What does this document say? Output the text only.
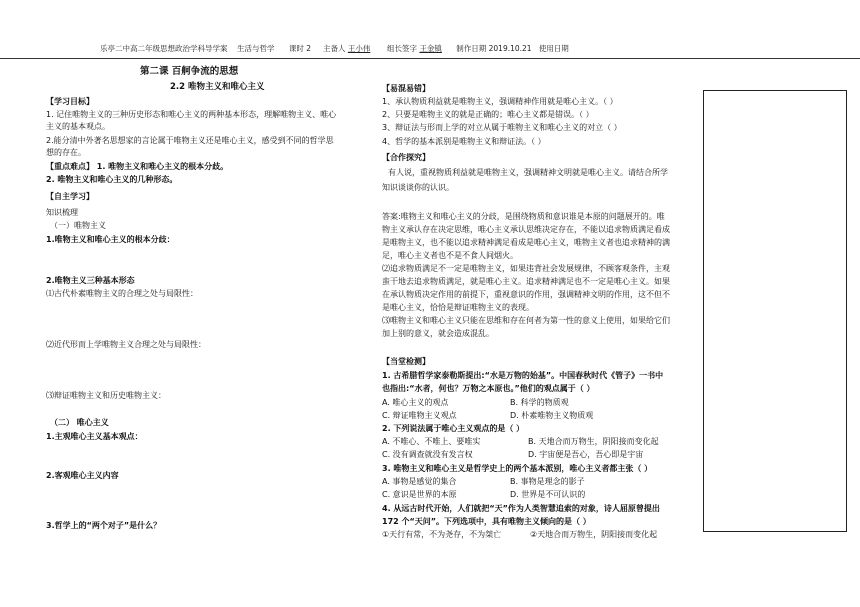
乐亭二中高二年级思想政治学科导学案 生活与哲学 课时 2 主备人 王小伟 组长签字 王金镇 制作日期 2019.10.21 使用日期
第二课 百舸争流的思想
2.2 唯物主义和唯心主义
【学习目标】
1. 记住唯物主义的三种历史形态和唯心主义的两种基本形态，理解唯物主义、唯心
主义的基本观点。
2.能分清中外著名思想家的言论属于唯物主义还是唯心主义，感受到不同的哲学思
想的存在。
【重点难点】 1. 唯物主义和唯心主义的根本分歧。
2. 唯物主义和唯心主义的几种形态。
【自主学习】
知识梳理
（一）唯物主义
1.唯物主义和唯心主义的根本分歧：
2.唯物主义三种基本形态
⑴古代朴素唯物主义的合理之处与局限性：
⑵近代形而上学唯物主义合理之处与局限性：
⑶辩证唯物主义和历史唯物主义：
（二） 唯心主义
1.主观唯心主义基本观点：
2.客观唯心主义内容
3.哲学上的“两个对子”是什么？
【易混易错】
1、承认物质利益就是唯物主义，强调精神作用就是唯心主义。（ ）
2、只要是唯物主义的就是正确的；唯心主义都是错误。（ ）
3、辩证法与形而上学的对立从属于唯物主义和唯心主义的对立（ ）
4、哲学的基本派别是唯物主义和辩证法。（ ）
【合作探究】
有人说，重视物质利益就是唯物主义，强调精神文明就是唯心主义。请结合所学
知识谈谈你的认识。
答案:唯物主义和唯心主义的分歧，是围绕物质和意识谁是本原的问题展开的。唯
物主义承认存在决定思维，唯心主义承认思维决定存在，不能以追求物质满足看成
是唯物主义，也不能以追求精神满足看成是唯心主义，唯物主义者也追求精神的满
足，唯心主义者也不是不食人间烟火。
⑵追求物质满足不一定是唯物主义，如果违背社会发展规律，不顾客观条件，主观
蛮干地去追求物质满足，就是唯心主义。追求精神满足也不一定是唯心主义。如果
在承认物质决定作用的前提下，重视意识的作用，强调精神文明的作用，这不但不
是唯心主义，恰恰是辩证唯物主义的表现。
⑶唯物主义和唯心主义只能在思维和存在何者为第一性的意义上使用，如果给它们
加上别的意义，就会造成混乱。
【当堂检测】
1. 古希腊哲学家泰勒斯提出:“水是万物的始基”。中国春秋时代《管子》一书中
也指出:“水者，何也？万物之本原也。”他们的观点属于（ ）
A. 唯心主义的观点	B. 科学的物质观
C. 辩证唯物主义观点	D. 朴素唯物主义物质观
2. 下列说法属于唯心主义观点的是（ ）
A. 不唯心、不唯上、要唯实	B. 天地合而万物生，阴阳接而变化起
C. 没有调查就没有发言权	D. 宇宙便是吾心，吾心即是宇宙
3. 唯物主义和唯心主义是哲学史上的两个基本派别，唯心主义者都主张（ ）
A. 事物是感觉的集合	B. 事物是理念的影子
C. 意识是世界的本原	D. 世界是不可认识的
4. 从远古时代开始，人们就把“天”作为人类智慧追索的对象，诗人屈原曾提出
172 个“天问”。下列选项中，具有唯物主义倾向的是（ ）
①天行有常，不为尧存，不为桀亡	②天地合而万物生，阴阳接而变化起
